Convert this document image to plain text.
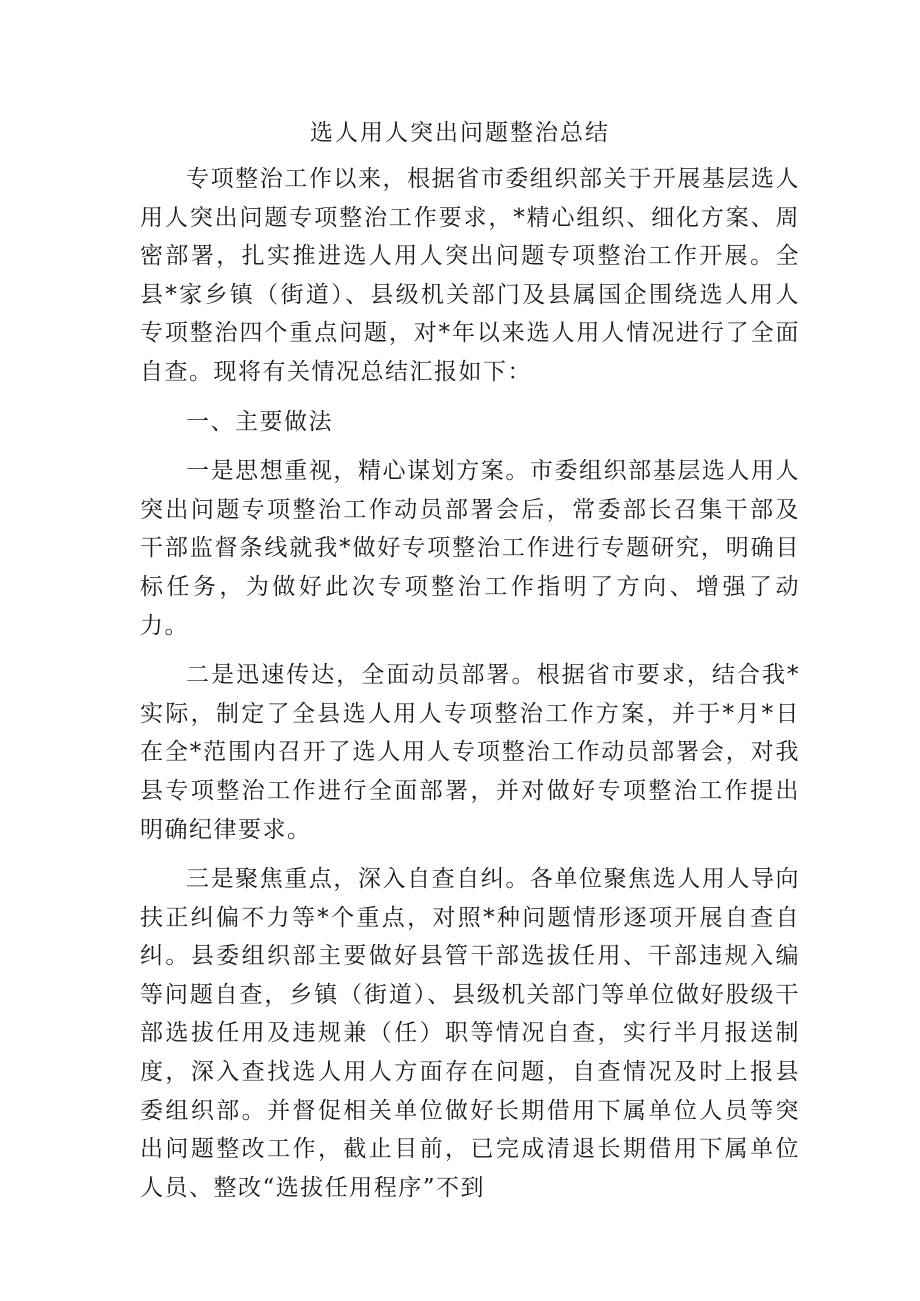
选人用人突出问题整治总结

专项整治工作以来，根据省市委组织部关于开展基层选人用人突出问题专项整治工作要求，*精心组织、细化方案、周密部署，扎实推进选人用人突出问题专项整治工作开展。全县*家乡镇（街道）、县级机关部门及县属国企围绕选人用人专项整治四个重点问题，对*年以来选人用人情况进行了全面自查。现将有关情况总结汇报如下：

一、主要做法

一是思想重视，精心谋划方案。市委组织部基层选人用人突出问题专项整治工作动员部署会后，常委部长召集干部及干部监督条线就我*做好专项整治工作进行专题研究，明确目标任务，为做好此次专项整治工作指明了方向、增强了动力。

二是迅速传达，全面动员部署。根据省市要求，结合我*实际，制定了全县选人用人专项整治工作方案，并于*月*日在全*范围内召开了选人用人专项整治工作动员部署会，对我县专项整治工作进行全面部署，并对做好专项整治工作提出明确纪律要求。

三是聚焦重点，深入自查自纠。各单位聚焦选人用人导向扶正纠偏不力等*个重点，对照*种问题情形逐项开展自查自纠。县委组织部主要做好县管干部选拔任用、干部违规入编等问题自查，乡镇（街道）、县级机关部门等单位做好股级干部选拔任用及违规兼（任）职等情况自查，实行半月报送制度，深入查找选人用人方面存在问题，自查情况及时上报县委组织部。并督促相关单位做好长期借用下属单位人员等突出问题整改工作，截止目前，已完成清退长期借用下属单位人员、整改“选拔任用程序”不到
